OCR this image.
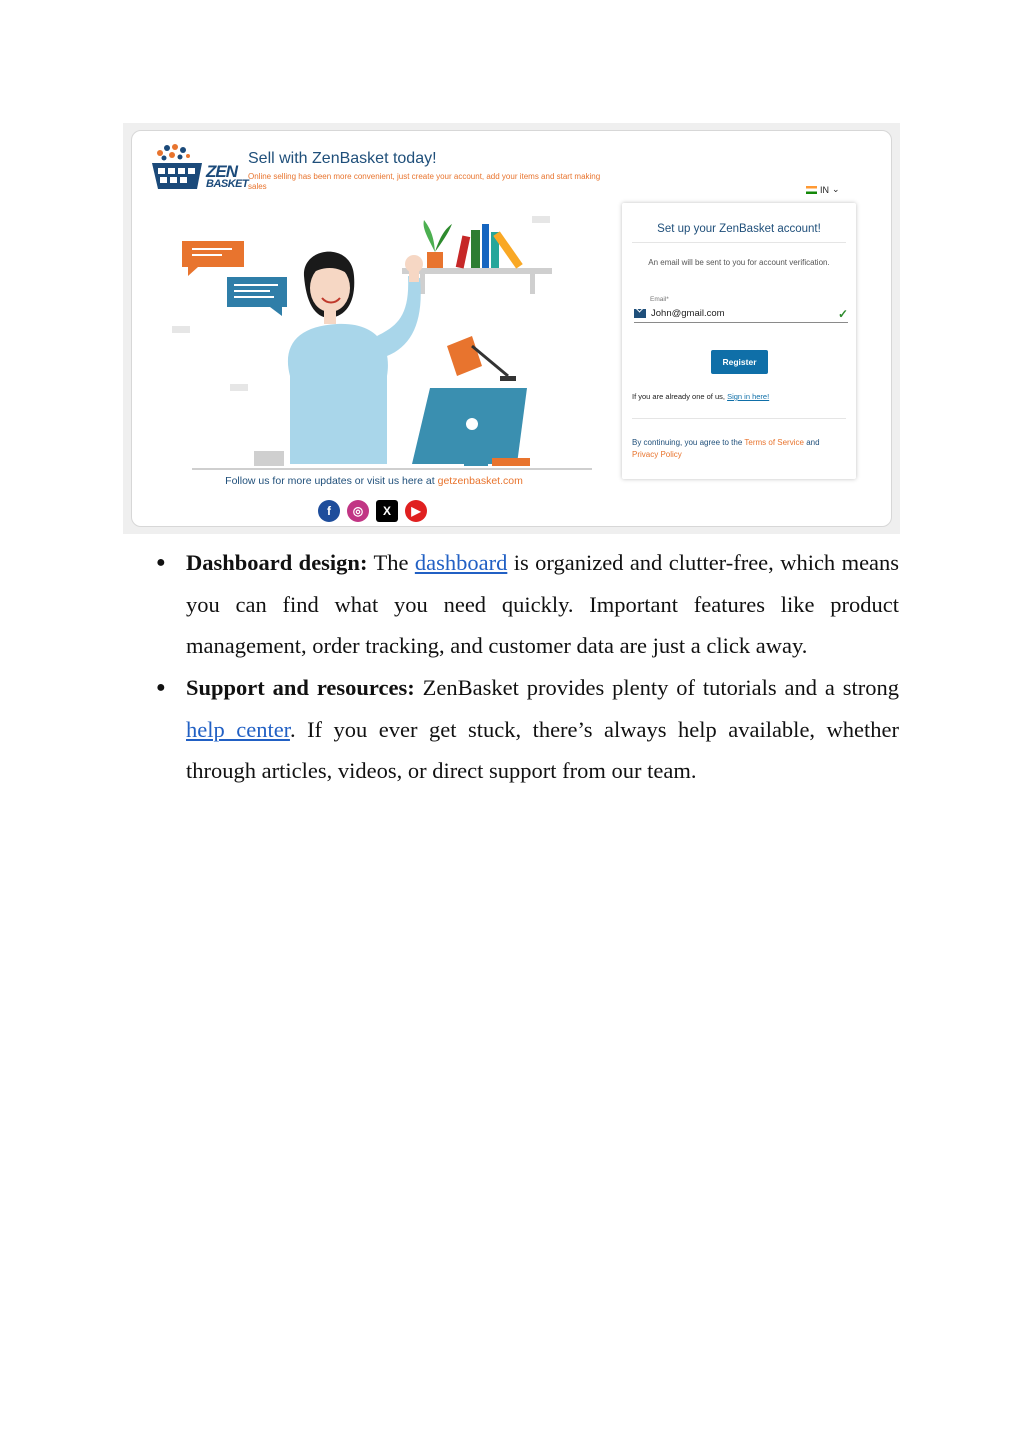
ZEN
BASKET
Sell with ZenBasket today!
Online selling has been more convenient, just create your account, add your items and start making sales	IN ⌄
Follow us for more updates or visit us here at getzenbasket.com
f	◎	X	▶
Set up your ZenBasket account!
An email will be sent to you for account verification.
Email*
John@gmail.com	✓
Register
If you are already one of us, Sign in here!
By continuing, you agree to the Terms of Service and Privacy Policy
● Dashboard design: The dashboard is organized and clutter-free, which means you can find what you need quickly. Important features like product management, order tracking, and customer data are just a click away.
● Support and resources: ZenBasket provides plenty of tutorials and a strong help center. If you ever get stuck, there’s always help available, whether through articles, videos, or direct support from our team.
